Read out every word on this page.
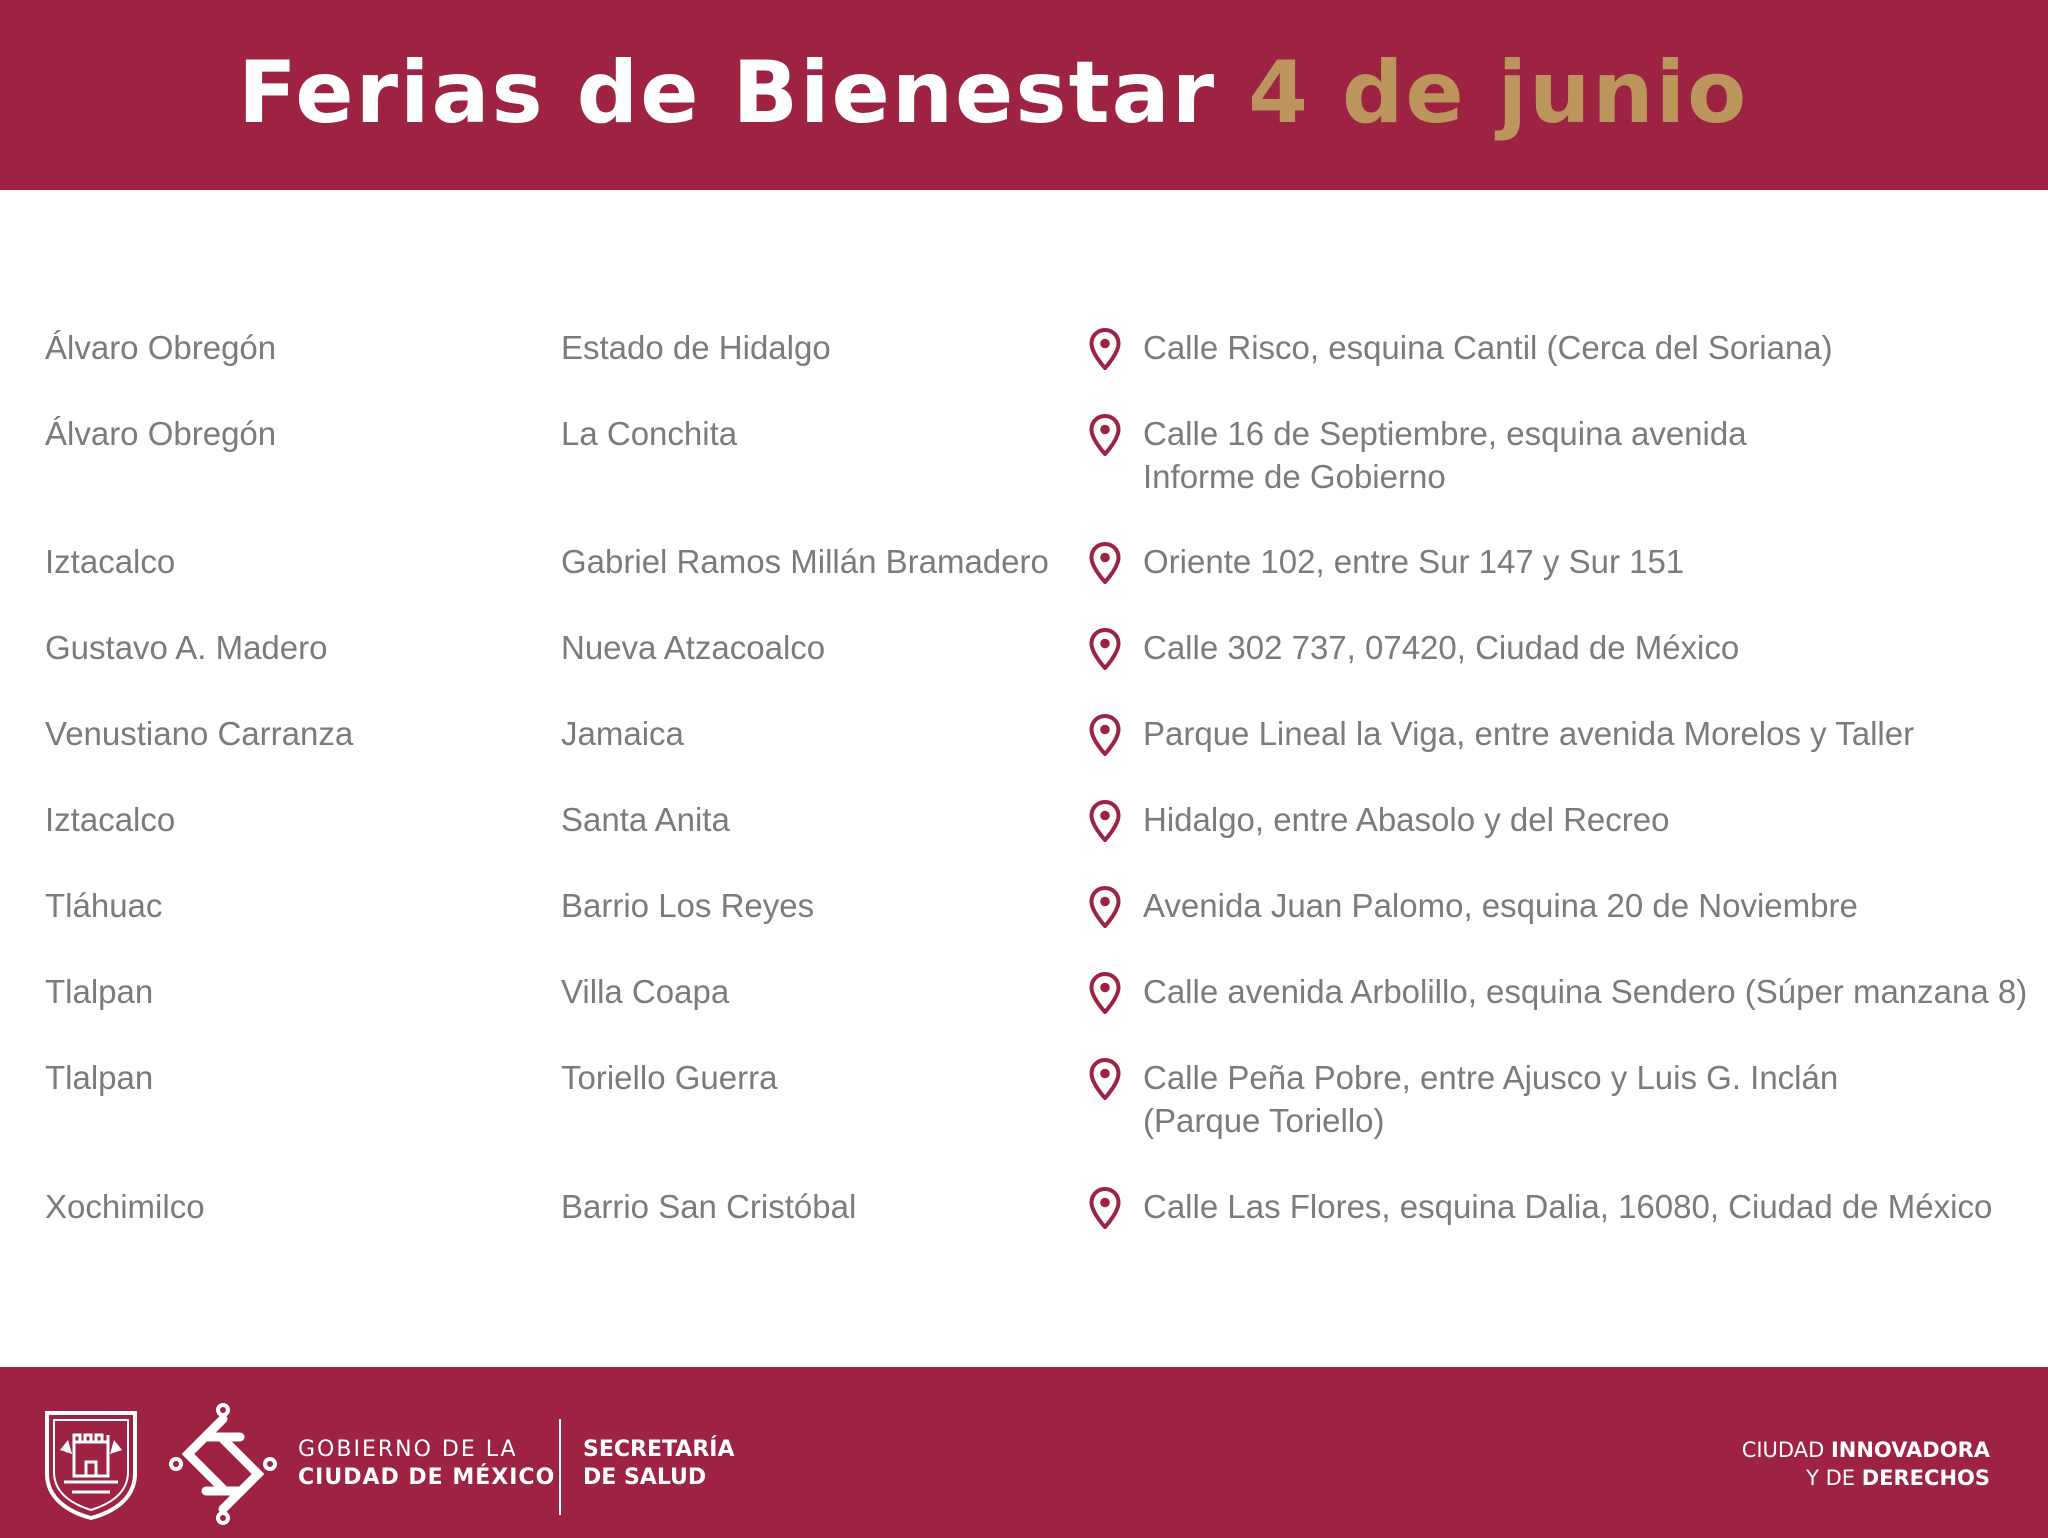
Ferias de Bienestar 4 de junio
Álvaro Obregón	Estado de Hidalgo	Calle Risco, esquina Cantil (Cerca del Soriana)
Álvaro Obregón	La Conchita	Calle 16 de Septiembre, esquina avenida
Informe de Gobierno
Iztacalco	Gabriel Ramos Millán Bramadero	Oriente 102, entre Sur 147 y Sur 151
Gustavo A. Madero	Nueva Atzacoalco	Calle 302 737, 07420, Ciudad de México
Venustiano Carranza	Jamaica	Parque Lineal la Viga, entre avenida Morelos y Taller
Iztacalco	Santa Anita	Hidalgo, entre Abasolo y del Recreo
Tláhuac	Barrio Los Reyes	Avenida Juan Palomo, esquina 20 de Noviembre
Tlalpan	Villa Coapa	Calle avenida Arbolillo, esquina Sendero (Súper manzana 8)
Tlalpan	Toriello Guerra	Calle Peña Pobre, entre Ajusco y Luis G. Inclán
(Parque Toriello)
Xochimilco	Barrio San Cristóbal	Calle Las Flores, esquina Dalia, 16080, Ciudad de México
GOBIERNO DE LA
CIUDAD DE MÉXICO
SECRETARÍA
DE SALUD
CIUDAD INNOVADORA
Y DE DERECHOS
